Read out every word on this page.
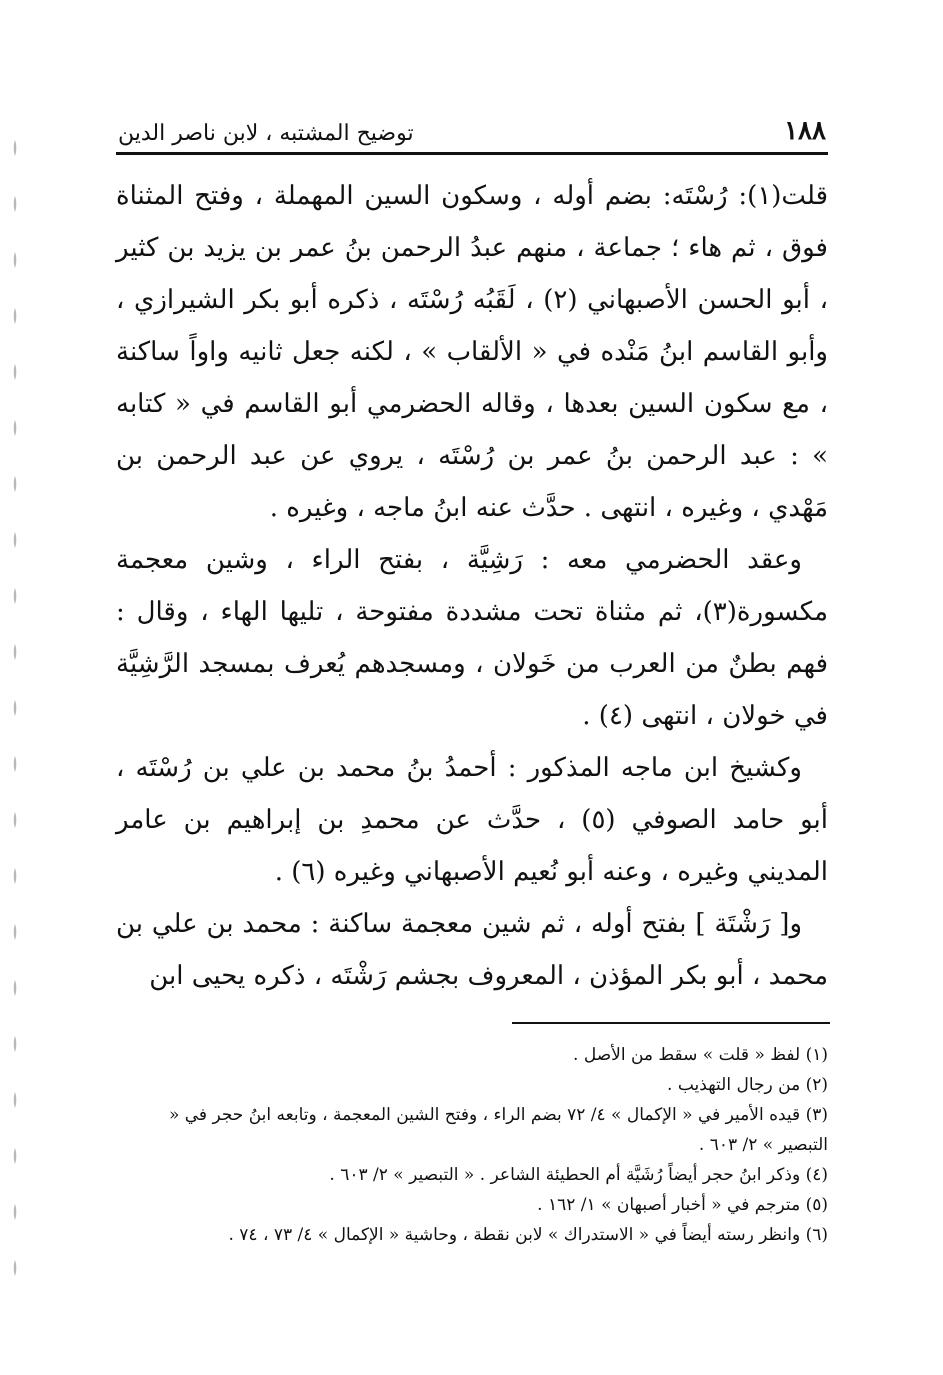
١٨٨
توضيح المشتبه ، لابن ناصر الدين

قلت(١): رُسْتَه: بضم أوله ، وسكون السين المهملة ، وفتح المثناة فوق ، ثم هاء ؛ جماعة ، منهم عبدُ الرحمن بنُ عمر بن يزيد بن كثير ، أبو الحسن الأصبهاني (٢) ، لَقَبُه رُسْتَه ، ذكره أبو بكر الشيرازي ، وأبو القاسم ابنُ مَنْده في « الألقاب » ، لكنه جعل ثانيه واواً ساكنة ، مع سكون السين بعدها ، وقاله الحضرمي أبو القاسم في « كتابه » : عبد الرحمن بنُ عمر بن رُسْتَه ، يروي عن عبد الرحمن بن مَهْدي ، وغيره ، انتهى . حدَّث عنه ابنُ ماجه ، وغيره .

وعقد الحضرمي معه : رَشِيَّة ، بفتح الراء ، وشين معجمة مكسورة(٣)، ثم مثناة تحت مشددة مفتوحة ، تليها الهاء ، وقال : فهم بطنٌ من العرب من خَولان ، ومسجدهم يُعرف بمسجد الرَّشِيَّة في خولان ، انتهى (٤) .

وكشيخ ابن ماجه المذكور : أحمدُ بنُ محمد بن علي بن رُسْتَه ، أبو حامد الصوفي (٥) ، حدَّث عن محمدِ بن إبراهيم بن عامر المديني وغيره ، وعنه أبو نُعيم الأصبهاني وغيره (٦) .

و[ رَشْتَة ] بفتح أوله ، ثم شين معجمة ساكنة : محمد بن علي بن محمد ، أبو بكر المؤذن ، المعروف بجشم رَشْتَه ، ذكره يحيى ابن

(١) لفظ « قلت » سقط من الأصل .

(٢) من رجال التهذيب .

(٣) قيده الأمير في « الإكمال » ٤/ ٧٢ بضم الراء ، وفتح الشين المعجمة ، وتابعه ابنُ حجر في « التبصير » ٢/ ٦٠٣ .

(٤) وذكر ابنُ حجر أيضاً رُشَيَّة أم الحطيئة الشاعر . « التبصير » ٢/ ٦٠٣ .

(٥) مترجم في « أخبار أصبهان » ١/ ١٦٢ .

(٦) وانظر رسته أيضاً في « الاستدراك » لابن نقطة ، وحاشية « الإكمال » ٤/ ٧٣ ، ٧٤ .
